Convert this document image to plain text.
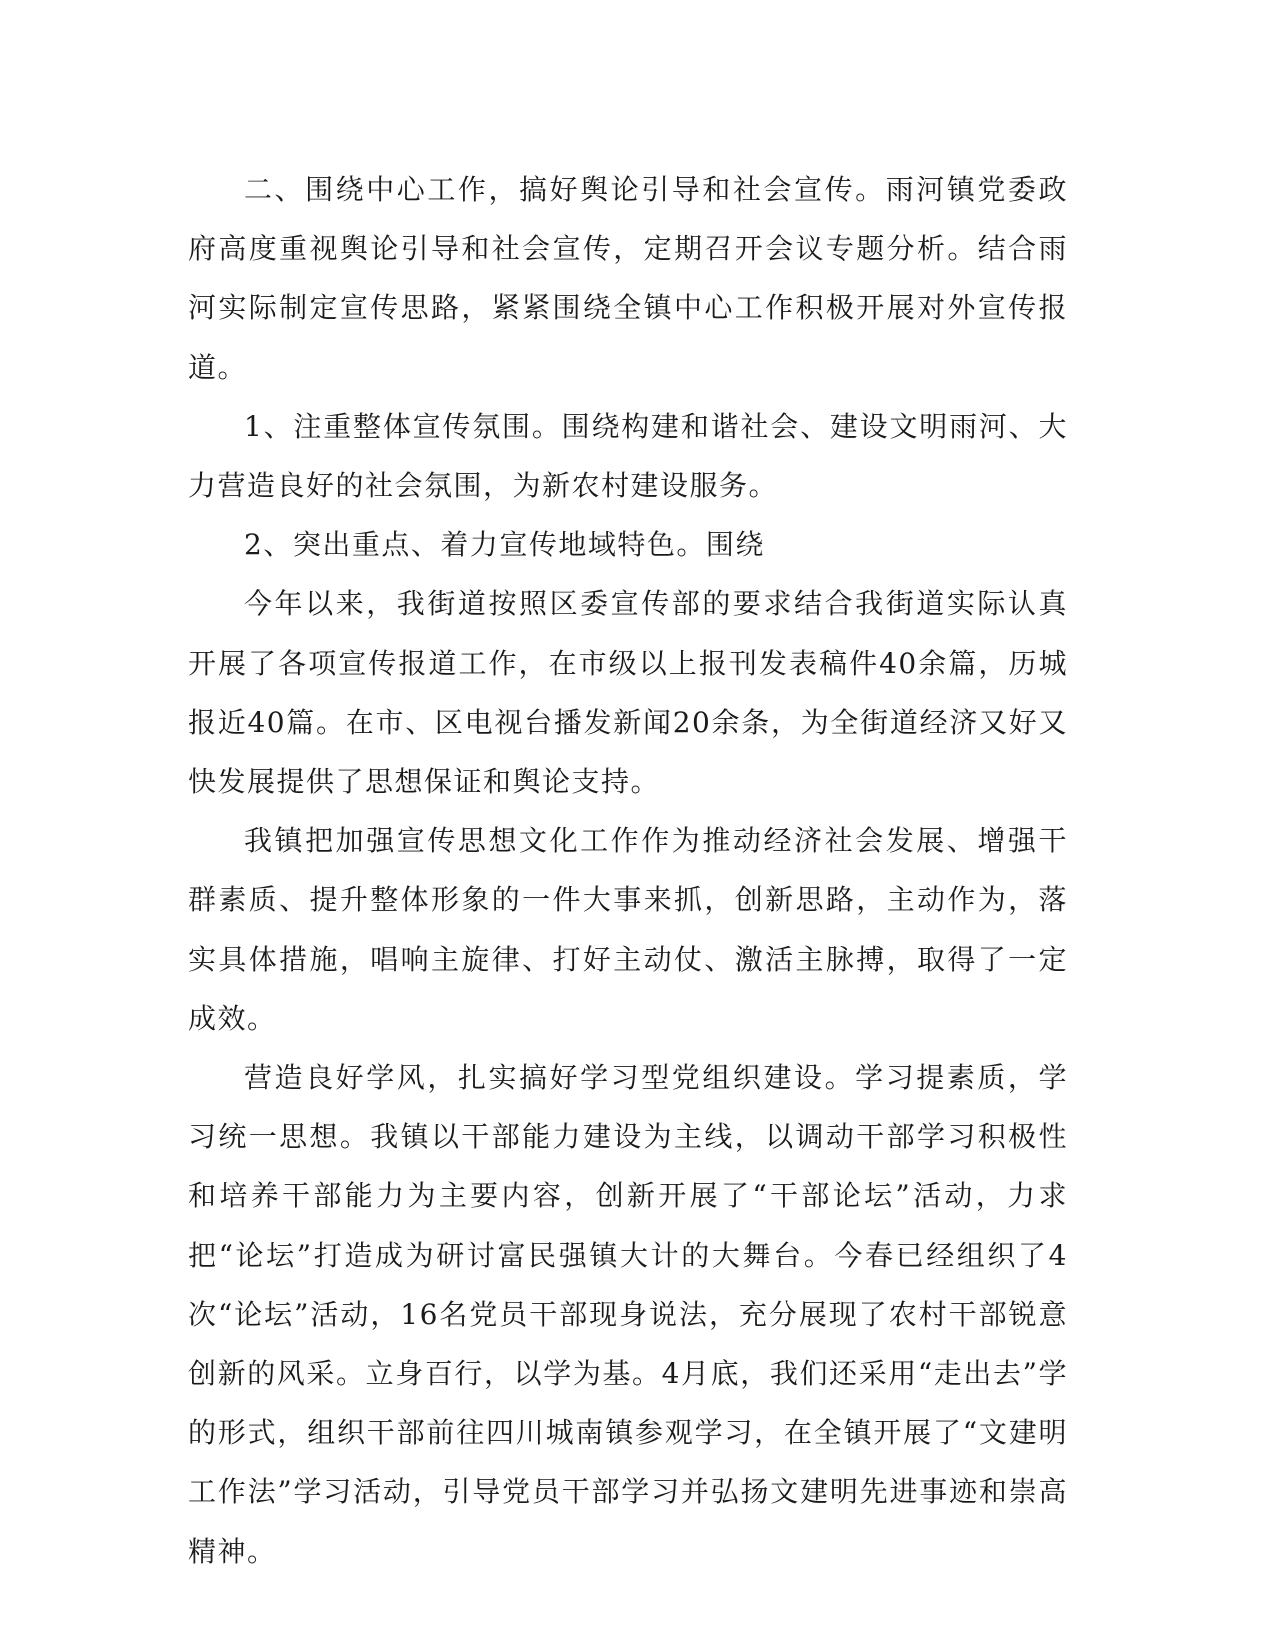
二、围绕中心工作，搞好舆论引导和社会宣传。雨河镇党委政府高度重视舆论引导和社会宣传，定期召开会议专题分析。结合雨河实际制定宣传思路，紧紧围绕全镇中心工作积极开展对外宣传报道。

1、注重整体宣传氛围。围绕构建和谐社会、建设文明雨河、大力营造良好的社会氛围，为新农村建设服务。

2、突出重点、着力宣传地域特色。围绕

今年以来，我街道按照区委宣传部的要求结合我街道实际认真开展了各项宣传报道工作，在市级以上报刊发表稿件40余篇，历城报近40篇。在市、区电视台播发新闻20余条，为全街道经济又好又快发展提供了思想保证和舆论支持。

我镇把加强宣传思想文化工作作为推动经济社会发展、增强干群素质、提升整体形象的一件大事来抓，创新思路，主动作为，落实具体措施，唱响主旋律、打好主动仗、激活主脉搏，取得了一定成效。

营造良好学风，扎实搞好学习型党组织建设。学习提素质，学习统一思想。我镇以干部能力建设为主线，以调动干部学习积极性和培养干部能力为主要内容，创新开展了“干部论坛”活动，力求把“论坛”打造成为研讨富民强镇大计的大舞台。今春已经组织了4次“论坛”活动，16名党员干部现身说法，充分展现了农村干部锐意创新的风采。立身百行，以学为基。4月底，我们还采用“走出去”学的形式，组织干部前往四川城南镇参观学习，在全镇开展了“文建明工作法”学习活动，引导党员干部学习并弘扬文建明先进事迹和崇高精神。
